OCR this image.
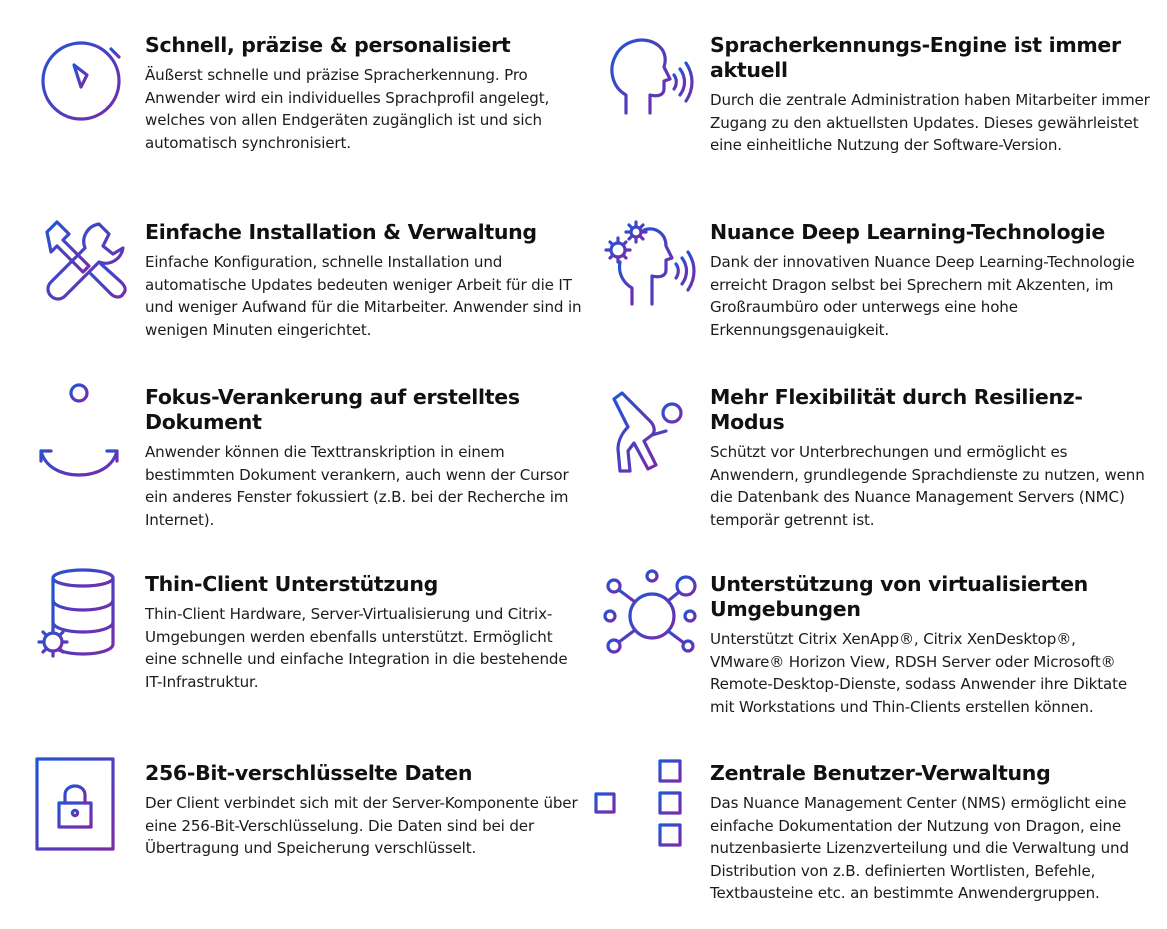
Schnell, präzise & personalisiert

Äußerst schnelle und präzise Spracherkennung. Pro Anwender wird ein individuelles Sprachprofil angelegt, welches von allen Endgeräten zugänglich ist und sich automatisch synchronisiert.

Spracherkennungs-Engine ist immer aktuell

Durch die zentrale Administration haben Mitarbeiter immer Zugang zu den aktuellsten Updates. Dieses gewährleistet eine einheitliche Nutzung der Software-Version.

Einfache Installation & Verwaltung

Einfache Konfiguration, schnelle Installation und automatische Updates bedeuten weniger Arbeit für die IT und weniger Aufwand für die Mitarbeiter. Anwender sind in wenigen Minuten eingerichtet.

Nuance Deep Learning-Technologie

Dank der innovativen Nuance Deep Learning-Technologie erreicht Dragon selbst bei Sprechern mit Akzenten, im Großraumbüro oder unterwegs eine hohe Erkennungsgenauigkeit.

Fokus-Verankerung auf erstelltes Dokument

Anwender können die Texttranskription in einem bestimmten Dokument verankern, auch wenn der Cursor ein anderes Fenster fokussiert (z.B. bei der Recherche im Internet).

Mehr Flexibilität durch Resilienz-Modus

Schützt vor Unterbrechungen und ermöglicht es Anwendern, grundlegende Sprachdienste zu nutzen, wenn die Datenbank des Nuance Management Servers (NMC) temporär getrennt ist.

Thin-Client Unterstützung

Thin-Client Hardware, Server-Virtualisierung und Citrix-Umgebungen werden ebenfalls unterstützt. Ermöglicht eine schnelle und einfache Integration in die bestehende IT-Infrastruktur.

Unterstützung von virtualisierten Umgebungen

Unterstützt Citrix XenApp®, Citrix XenDesktop®, VMware® Horizon View, RDSH Server oder Microsoft® Remote-Desktop-Dienste, sodass Anwender ihre Diktate mit Workstations und Thin-Clients erstellen können.

256-Bit-verschlüsselte Daten

Der Client verbindet sich mit der Server-Komponente über eine 256-Bit-Verschlüsselung. Die Daten sind bei der Übertragung und Speicherung verschlüsselt.

Zentrale Benutzer-Verwaltung

Das Nuance Management Center (NMS) ermöglicht eine einfache Dokumentation der Nutzung von Dragon, eine nutzenbasierte Lizenzverteilung und die Verwaltung und Distribution von z.B. definierten Wortlisten, Befehle, Textbausteine etc. an bestimmte Anwendergruppen.
